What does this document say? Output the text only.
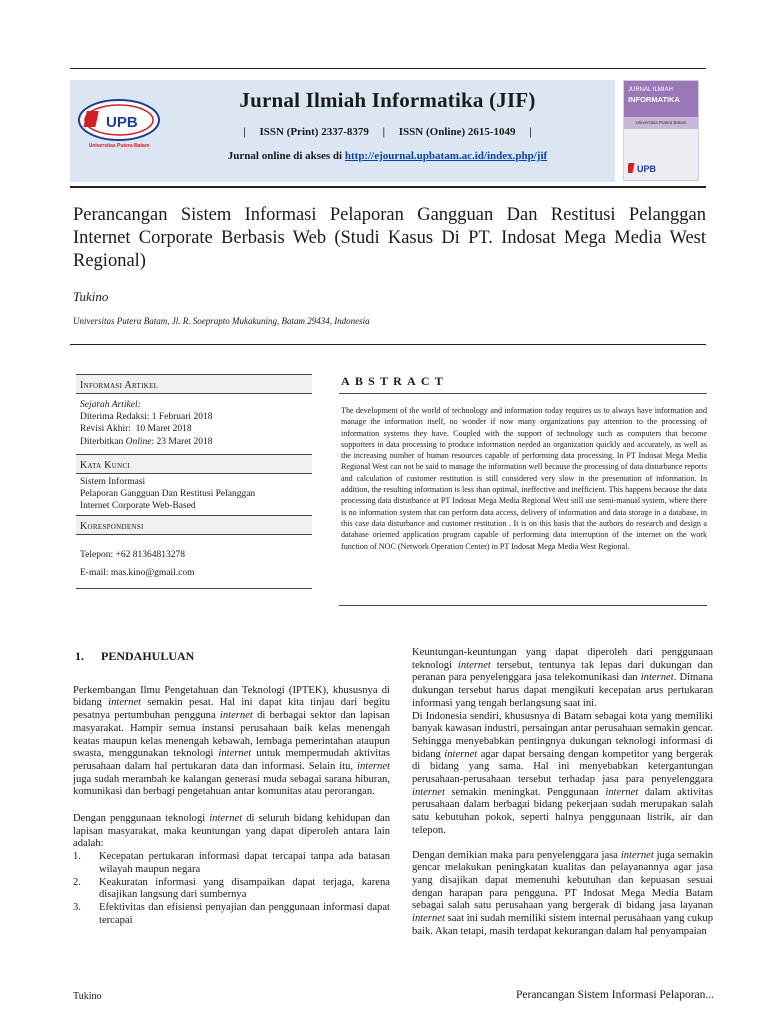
UPB
Universitas Putera Batam
Jurnal Ilmiah Informatika (JIF)
|     ISSN (Print) 2337-8379     |     ISSN (Online) 2615-1049     |
Jurnal online di akses di http://ejournal.upbatam.ac.id/index.php/jif
JURNAL ILMIAH
INFORMATIKA
Universitas Putera Batam
UPB
Perancangan Sistem Informasi Pelaporan Gangguan Dan Restitusi Pelanggan Internet Corporate Berbasis Web (Studi Kasus Di PT. Indosat Mega Media West Regional)
Tukino
Universitas Puterα Batam, Jl. R. Soeprapto Mukakuning, Batam 29434, Indonesia
Informasi Artikel
Sejarah Artikel:
Diterima Redaksi: 1 Februari 2018
Revisi Akhir:  10 Maret 2018
Diterbitkan Online: 23 Maret 2018
Kata Kunci
Sistem Informasi
Pelaporan Gangguan Dan Restitusi Pelanggan
Internet Corporate Web-Based
Korespondensi
Telepon: +62 81364813278
E-mail: mas.kino@gmail.com
ABSTRACT
The development of the world of technology and information today requires us to always have information and manage the information itself, no wonder if now many organizations pay attention to the processing of information systems they have. Coupled with the support of technology such as computers that become supporters in data processing to produce information needed an organization quickly and accurately, as well as the increasing number of human resources capable of performing data processing. In PT Indosat Mega Media Regional West can not be said to manage the information well because the processing of data disturbance reports and calculation of customer restitution is still considered very slow in the presentation of information. In addition, the resulting information is less than optimal, ineffective and inefficient. This happens because the data processing data disturbance at PT Indosat Mega Media Regional West still use semi-manual system, where there is no information system that can perform data access, delivery of information and data storage in a database, in this case data disturbance and customer restitution . It is on this basis that the authors do research and design a database oriented application program capable of performing data interruption of the internet on the work function of NOC (Network Operation Center) in PT Indosat Mega Media West Regional.
1. PENDAHULUAN

Perkembangan Ilmu Pengetahuan dan Teknologi (IPTEK), khususnya di bidang internet semakin pesat. Hal ini dapat kita tinjau dari begitu pesatnya pertumbuhan pengguna internet di berbagai sektor dan lapisan masyarakat. Hampir semua instansi perusahaan baik kelas menengah keatas maupun kelas menengah kebawah, lembaga pemerintahan ataupun swasta, menggunakan teknologi internet untuk mempermudah aktivitas perusahaan dalam hal pertukaran data dan informasi. Selain itu, internet juga sudah merambah ke kalangan generasi muda sebagai sarana hiburan, komunikasi dan berbagi pengetahuan antar komunitas atau perorangan.

Dengan penggunaan teknologi internet di seluruh bidang kehidupan dan lapisan masyarakat, maka keuntungan yang dapat diperoleh antara lain adalah:

1.	Kecepatan pertukaran informasi dapat tercapai tanpa ada batasan wilayah maupun negara
2.	Keakuratan informasi yang disampaikan dapat terjaga, karena disajikan langsung dari sumbernya
3.	Efektivitas dan efisiensi penyajian dan penggunaan informasi dapat tercapai

Keuntungan-keuntungan yang dapat diperoleh dari penggunaan teknologi internet tersebut, tentunya tak lepas dari dukungan dan peranan para penyelenggara jasa telekomunikasi dan internet. Dimana dukungan tersebut harus dapat mengikuti kecepatan arus pertukaran informasi yang tengah berlangsung saat ini.

Di Indonesia sendiri, khususnya di Batam sebagai kota yang memiliki banyak kawasan industri, persaingan antar perusahaan semakin gencar. Sehingga menyebabkan pentingnya dukungan teknologi informasi di bidang internet agar dapat bersaing dengan kompetitor yang bergerak di bidang yang sama. Hal ini menyebabkan ketergantungan perusahaan-perusahaan tersebut terhadap jasa para penyelenggara internet semakin meningkat. Penggunaan internet dalam aktivitas perusahaan dalam berbagai bidang pekerjaan sudah merupakan salah satu kebutuhan pokok, seperti halnya penggunaan listrik, air dan telepon.

Dengan demikian maka para penyelenggara jasa internet juga semakin gencar melakukan peningkatan kualitas dan pelayanannya agar jasa yang disajikan dapat memenuhi kebutuhan dan kepuasan sesuai dengan harapan para pengguna. PT Indosat Mega Media Batam sebagai salah satu perusahaan yang bergerak di bidang jasa layanan internet saat ini sudah memiliki sistem internal perusahaan yang cukup baik. Akan tetapi, masih terdapat kekurangan dalam hal penyampaian

Tukino	Perancangan Sistem Informasi Pelaporan...
